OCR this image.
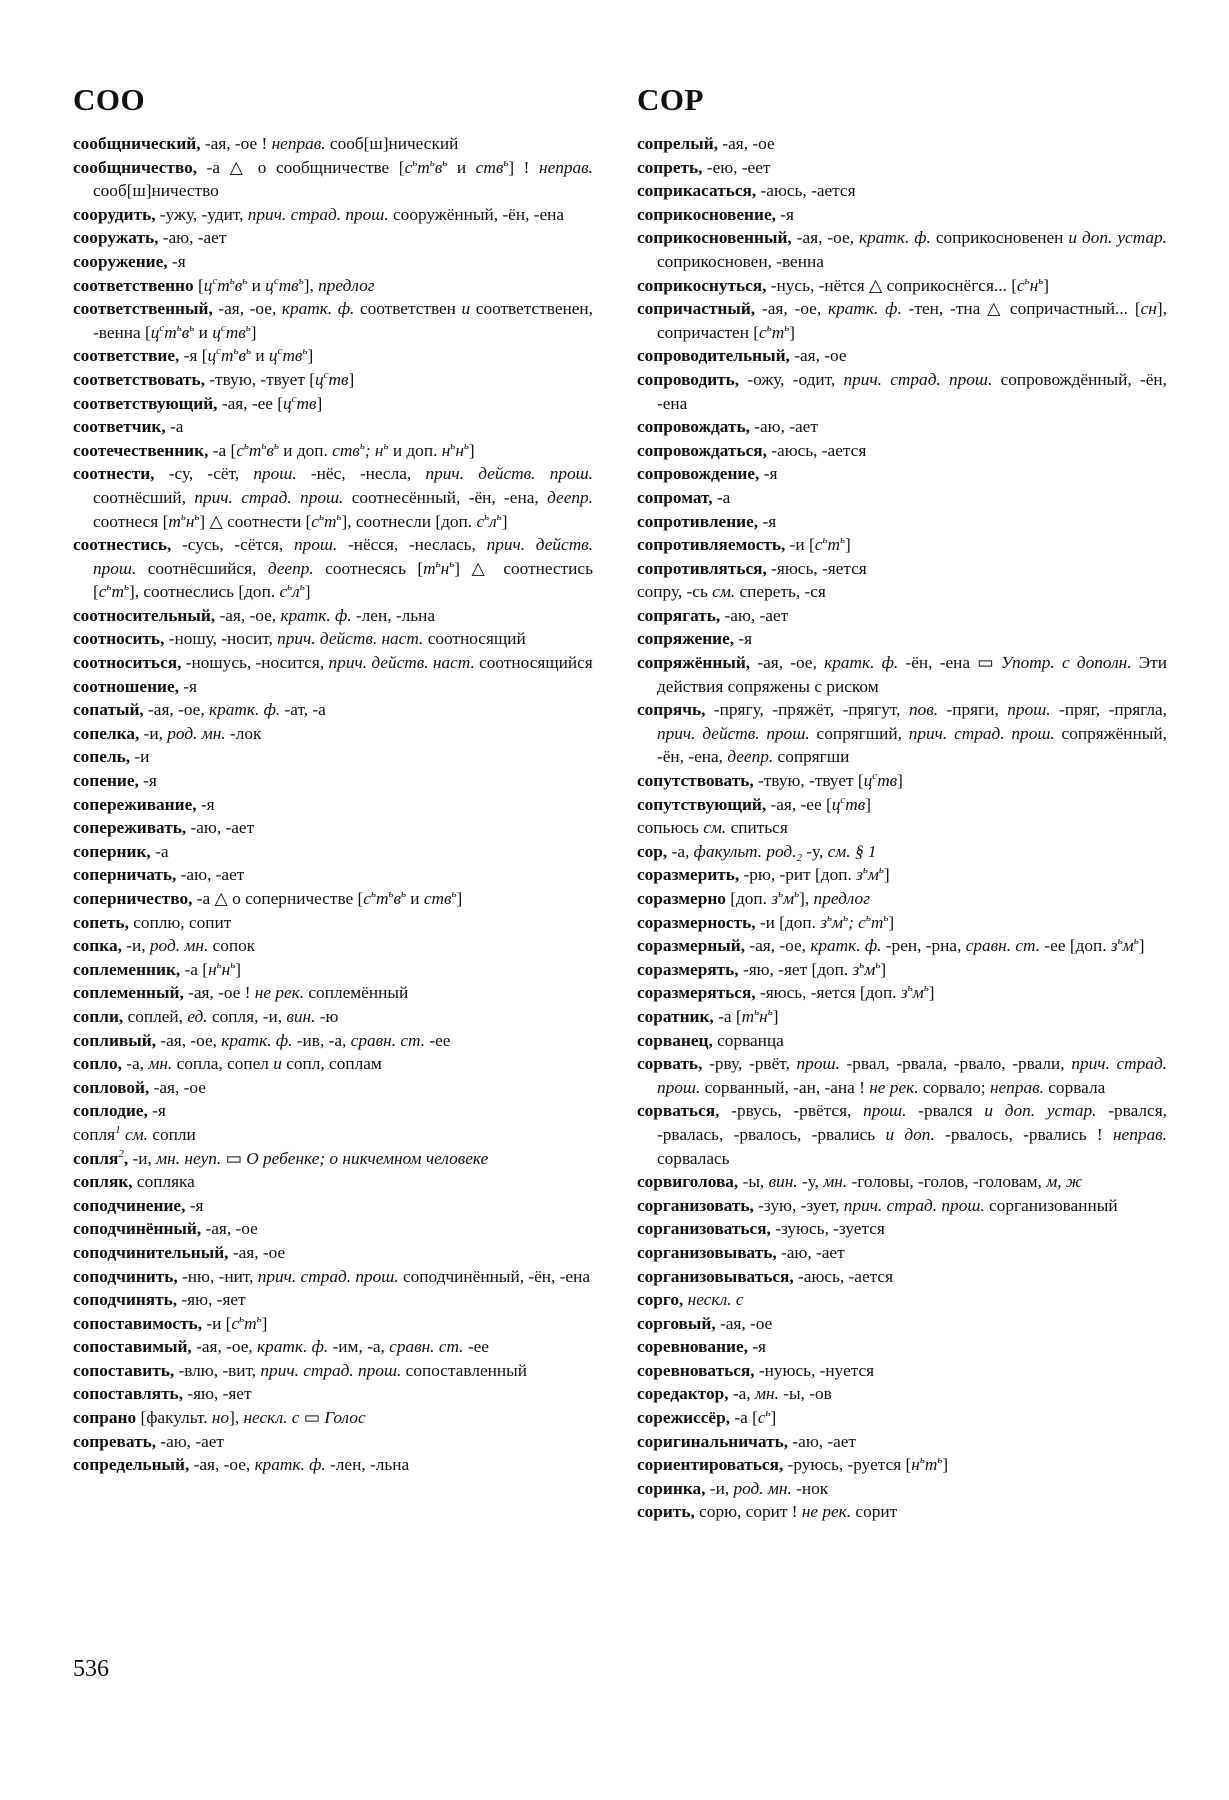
СОО

сообщнический, -ая, -ое ! неправ. сооб[ш]нический

сообщничество, -а △ о сообщничестве [$с^ьт^ьв^ь$ и ств$^ь$] ! неправ. сооб[ш]ничество

соорудить, -ужу, -удит, прич. страд. прош. сооружённый, -ён, -ена

сооружать, -аю, -ает

сооружение, -я

соответственно [$ц^ст^ьв^ь$ и $ц^ств^ь$], предлог

соответственный, -ая, -ое, кратк. ф. соответствен и соответственен, -венна [$ц^ст^ьв^ь$ и $ц^ств^ь$]

соответствие, -я [$ц^ст^ьв^ь$ и $ц^ств^ь$]

соответствовать, -твую, -твует $[ц^ств]$

соответствующий, -ая, -ее $[ц^ств]$

соответчик, -а

соотечественник, -а [$с^ьт^ьв^ь$ и доп. ств$^ь$; $н^ь$ и доп. $н^ьн^ь$]

соотнести, -су, -сёт, прош. -нёс, -несла, прич. действ. прош. соотнёсший, прич. страд. прош. соотнесённый, -ён, -ена, деепр. соотнеся $[т^ьн^ь]$ △ соотнести $[с^ьт^ь]$, соотнесли [доп. $с^ьл^ь$]

соотнестись, -сусь, -сётся, прош. -нёсся, -неслась, прич. действ. прош. соотнёсшийся, деепр. соотнесясь $[т^ьн^ь]$ △ соотнестись $[с^ьт^ь]$, соотнеслись [доп. $с^ьл^ь$]

соотносительный, -ая, -ое, кратк. ф. -лен, -льна

соотносить, -ношу, -носит, прич. действ. наст. соотносящий

соотноситься, -ношусь, -носится, прич. действ. наст. соотносящийся

соотношение, -я

сопатый, -ая, -ое, кратк. ф. -ат, -а

сопелка, -и, род. мн. -лок

сопель, -и

сопение, -я

сопереживание, -я

сопереживать, -аю, -ает

соперник, -а

соперничать, -аю, -ает

соперничество, -а △ о соперничестве [$с^ьт^ьв^ь$ и ств$^ь$]

сопеть, соплю, сопит

сопка, -и, род. мн. сопок

соплеменник, -а $[н^ьн^ь]$

соплеменный, -ая, -ое ! не рек. соплемённый

сопли, соплей, ед. сопля, -и, вин. -ю

сопливый, -ая, -ое, кратк. ф. -ив, -а, сравн. ст. -ее

сопло, -а, мн. сопла, сопел и сопл, соплам

сопловой, -ая, -ое

соплодие, -я

сопля$^1$ см. сопли

сопля$^2$, -и, мн. неуп. ▭ О ребенке; о никчемном человеке

сопляк, сопляка

соподчинение, -я

соподчинённый, -ая, -ое

соподчинительный, -ая, -ое

соподчинить, -ню, -нит, прич. страд. прош. соподчинённый, -ён, -ена

соподчинять, -яю, -яет

сопоставимость, -и $[с^ьт^ь]$

сопоставимый, -ая, -ое, кратк. ф. -им, -а, сравн. ст. -ее

сопоставить, -влю, -вит, прич. страд. прош. сопоставленный

сопоставлять, -яю, -яет

сопрано [факульт. но], нескл. с ▭ Голос

сопревать, -аю, -ает

сопредельный, -ая, -ое, кратк. ф. -лен, -льна

СОР

сопрелый, -ая, -ое

сопреть, -ею, -еет

соприкасаться, -аюсь, -ается

соприкосновение, -я

соприкосновенный, -ая, -ое, кратк. ф. соприкосновенен и доп. устар. соприкосновен, -венна

соприкоснуться, -нусь, -нётся △ соприкоснёгся... $[с^ьн^ь]$

сопричастный, -ая, -ое, кратк. ф. -тен, -тна △ сопричастный... [сн], сопричастен $[с^ьт^ь]$

сопроводительный, -ая, -ое

сопроводить, -ожу, -одит, прич. страд. прош. сопровождённый, -ён, -ена

сопровождать, -аю, -ает

сопровождаться, -аюсь, -ается

сопровождение, -я

сопромат, -а

сопротивление, -я

сопротивляемость, -и $[с^ьт^ь]$

сопротивляться, -яюсь, -яется

сопру, -сь см. спереть, -ся

сопрягать, -аю, -ает

сопряжение, -я

сопряжённый, -ая, -ое, кратк. ф. -ён, -ена ▭ Употр. с дополн. Эти действия сопряжены с риском

сопрячь, -прягу, -пряжёт, -прягут, пов. -пряги, прош. -пряг, -прягла, прич. действ. прош. сопрягший, прич. страд. прош. сопряжённый, -ён, -ена, деепр. сопрягши

сопутствовать, -твую, -твует $[ц^ств]$

сопутствующий, -ая, -ее $[ц^ств]$

сопьюсь см. спиться

сор, -а, факульт. $род._2$ -у, см. § 1

соразмерить, -рю, -рит [доп. $з^ьм^ь$]

соразмерно [доп. $з^ьм^ь$], предлог

соразмерность, -и [доп. $з^ьм^ь$; $с^ьт^ь$]

соразмерный, -ая, -ое, кратк. ф. -рен, -рна, сравн. ст. -ее [доп. $з^ьм^ь$]

соразмерять, -яю, -яет [доп. $з^ьм^ь$]

соразмеряться, -яюсь, -яется [доп. $з^ьм^ь$]

соратник, -а $[т^ьн^ь]$

сорванец, сорванца

сорвать, -рву, -рвёт, прош. -рвал, -рвала, -рвало, -рвали, прич. страд. прош. сорванный, -ан, -ана ! не рек. сорвало; неправ. сорвала

сорваться, -рвусь, -рвётся, прош. -рвался и доп. устар. -рвался, -рвалась, -рвалось, -рвались и доп. -рвалось, -рвались ! неправ. сорвалась

сорвиголова, -ы, вин. -у, мн. -головы, -голов, -головам, м, ж

сорганизовать, -зую, -зует, прич. страд. прош. сорганизованный

сорганизоваться, -зуюсь, -зуется

сорганизовывать, -аю, -ает

сорганизовываться, -аюсь, -ается

сорго, нескл. с

сорговый, -ая, -ое

соревнование, -я

соревноваться, -нуюсь, -нуется

соредактор, -а, мн. -ы, -ов

сорежиссёр, -а $[с^ь]$

соригинальничать, -аю, -ает

сориентироваться, -руюсь, -руется $[н^ьт^ь]$

соринка, -и, род. мн. -нок

сорить, сорю, сорит ! не рек. сорит

536
